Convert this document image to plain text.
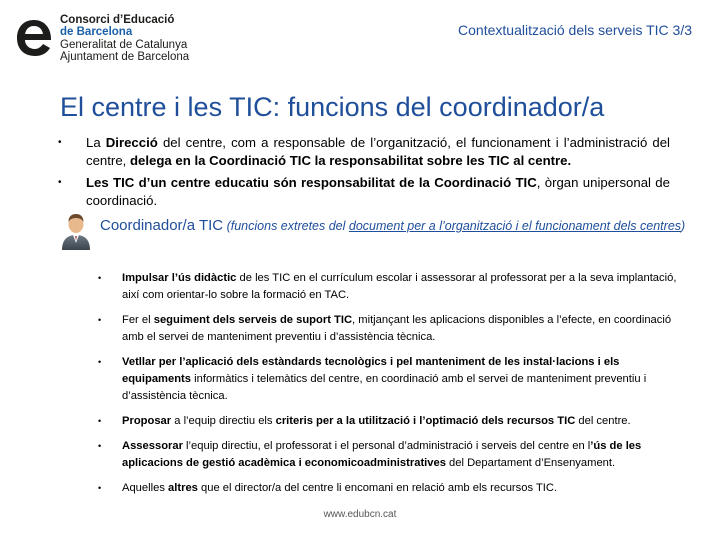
Consorci d’Educació
de Barcelona
Generalitat de Catalunya
Ajuntament de Barcelona
Contextualització dels serveis TIC 3/3
El centre i les TIC: funcions del coordinador/a
• La Direcció del centre, com a responsable de l’organització, el funcionament i l’administració del centre, delega en la Coordinació TIC la responsabilitat sobre les TIC al centre.
• Les TIC d’un centre educatiu són responsabilitat de la Coordinació TIC, òrgan unipersonal de coordinació.
Coordinador/a TIC (funcions extretes del document per a l’organització i el funcionament dels centres)
• Impulsar l’ús didàctic de les TIC en el currículum escolar i assessorar al professorat per a la seva implantació, així com orientar-lo sobre la formació en TAC.
• Fer el seguiment dels serveis de suport TIC, mitjançant les aplicacions disponibles a l’efecte, en coordinació amb el servei de manteniment preventiu i d’assistència tècnica.
• Vetllar per l’aplicació dels estàndards tecnològics i pel manteniment de les instal·lacions i els equipaments informàtics i telemàtics del centre, en coordinació amb el servei de manteniment preventiu i d’assistència tècnica.
• Proposar a l’equip directiu els criteris per a la utilització i l’optimació dels recursos TIC del centre.
• Assessorar l’equip directiu, el professorat i el personal d’administració i serveis del centre en l’ús de les aplicacions de gestió acadèmica i economicoadministratives del Departament d’Ensenyament.
• Aquelles altres que el director/a del centre li encomani en relació amb els recursos TIC.
www.edubcn.cat
